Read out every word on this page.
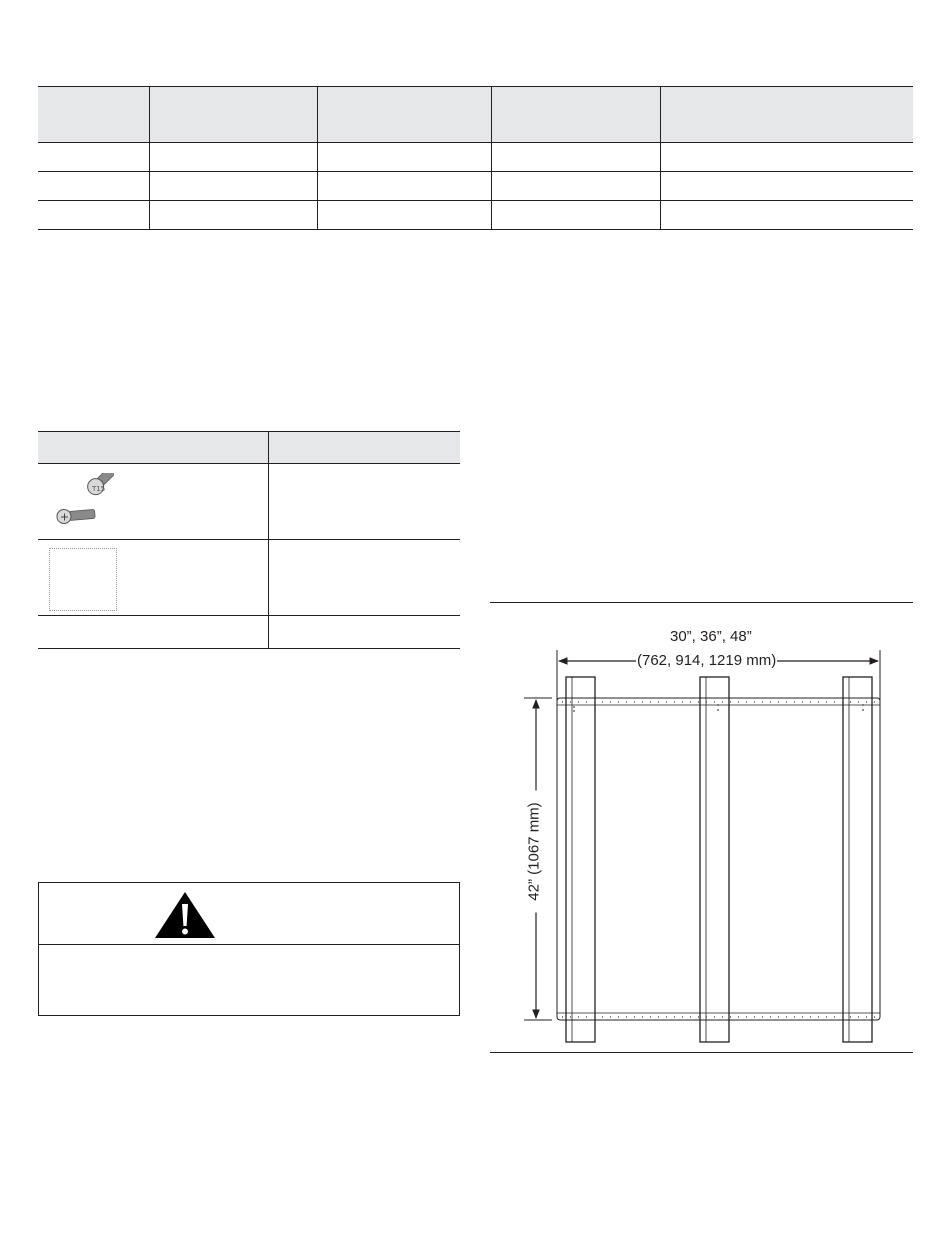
T15
30”, 36”, 48”
(762, 914, 1219 mm)
42” (1067 mm)
